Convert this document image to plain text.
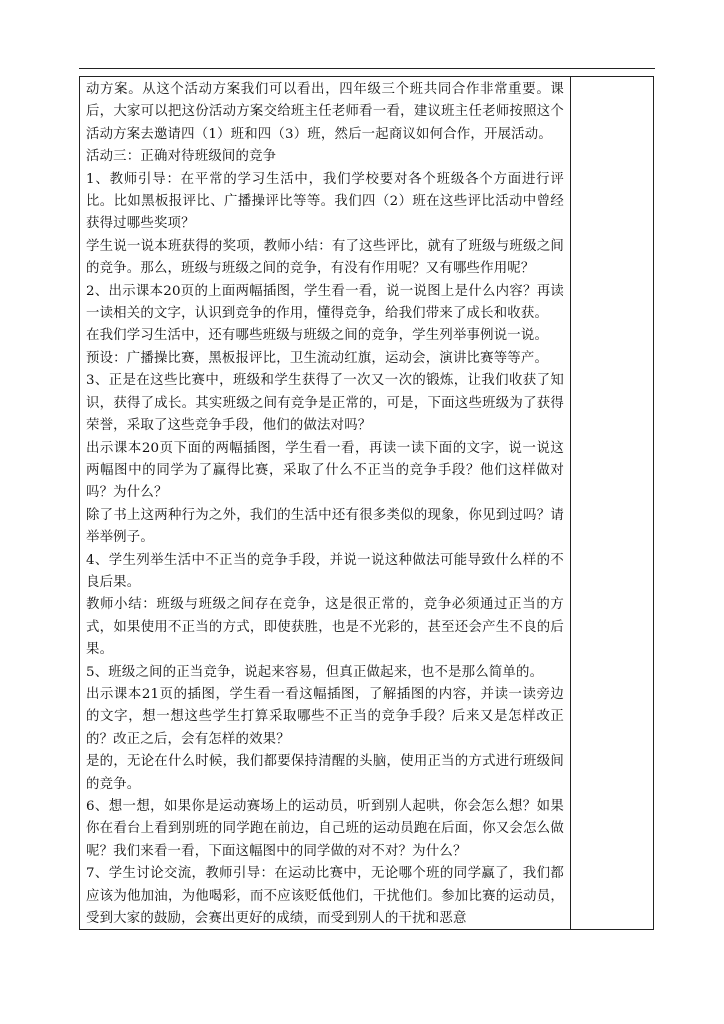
动方案。从这个活动方案我们可以看出，四年级三个班共同合作非常重要。课后，大家可以把这份活动方案交给班主任老师看一看，建议班主任老师按照这个活动方案去邀请四（1）班和四（3）班，然后一起商议如何合作，开展活动。

活动三：正确对待班级间的竞争

1、教师引导：在平常的学习生活中，我们学校要对各个班级各个方面进行评比。比如黑板报评比、广播操评比等等。我们四（2）班在这些评比活动中曾经获得过哪些奖项？

学生说一说本班获得的奖项，教师小结：有了这些评比，就有了班级与班级之间的竞争。那么，班级与班级之间的竞争，有没有作用呢？又有哪些作用呢？

2、出示课本20页的上面两幅插图，学生看一看，说一说图上是什么内容？再读一读相关的文字，认识到竞争的作用，懂得竞争，给我们带来了成长和收获。

在我们学习生活中，还有哪些班级与班级之间的竞争，学生列举事例说一说。

预设：广播操比赛，黑板报评比，卫生流动红旗，运动会，演讲比赛等等产。

3、正是在这些比赛中，班级和学生获得了一次又一次的锻炼，让我们收获了知识，获得了成长。其实班级之间有竞争是正常的，可是，下面这些班级为了获得荣誉，采取了这些竞争手段，他们的做法对吗？

出示课本20页下面的两幅插图，学生看一看，再读一读下面的文字，说一说这两幅图中的同学为了赢得比赛，采取了什么不正当的竞争手段？他们这样做对吗？为什么？

除了书上这两种行为之外，我们的生活中还有很多类似的现象，你见到过吗？请举举例子。

4、学生列举生活中不正当的竞争手段，并说一说这种做法可能导致什么样的不良后果。

教师小结：班级与班级之间存在竞争，这是很正常的，竞争必须通过正当的方式，如果使用不正当的方式，即使获胜，也是不光彩的，甚至还会产生不良的后果。

5、班级之间的正当竞争，说起来容易，但真正做起来，也不是那么简单的。

出示课本21页的插图，学生看一看这幅插图，了解插图的内容，并读一读旁边的文字，想一想这些学生打算采取哪些不正当的竞争手段？后来又是怎样改正的？改正之后，会有怎样的效果？

是的，无论在什么时候，我们都要保持清醒的头脑，使用正当的方式进行班级间的竞争。

6、想一想，如果你是运动赛场上的运动员，听到别人起哄，你会怎么想？如果你在看台上看到别班的同学跑在前边，自己班的运动员跑在后面，你又会怎么做呢？我们来看一看，下面这幅图中的同学做的对不对？为什么？

7、学生讨论交流，教师引导：在运动比赛中，无论哪个班的同学赢了，我们都应该为他加油，为他喝彩，而不应该贬低他们，干扰他们。参加比赛的运动员，受到大家的鼓励，会赛出更好的成绩，而受到别人的干扰和恶意
